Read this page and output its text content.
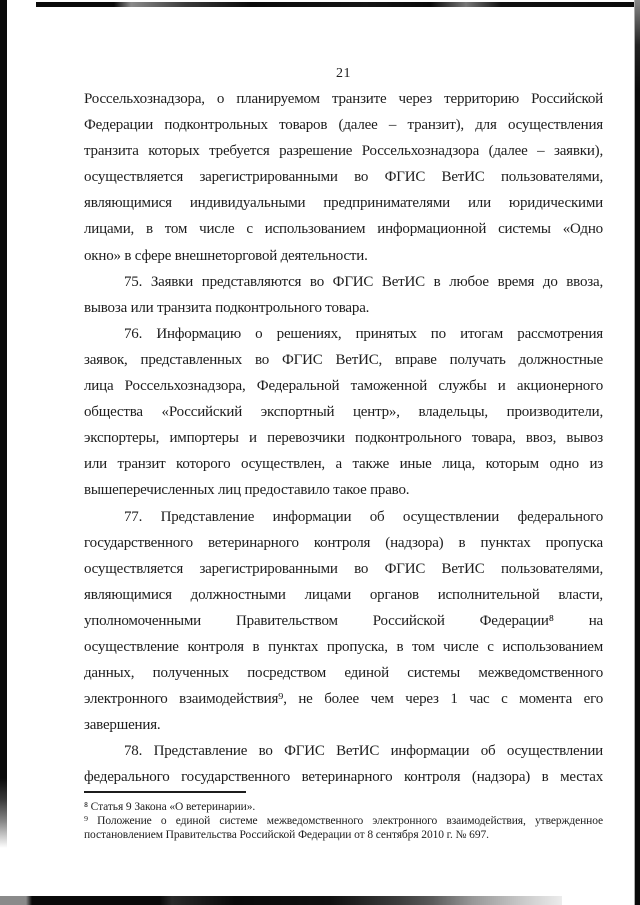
21
Россельхознадзора, о планируемом транзите через территорию Российской
Федерации подконтрольных товаров (далее – транзит), для осуществления
транзита которых требуется разрешение Россельхознадзора (далее – заявки),
осуществляется зарегистрированными во ФГИС ВетИС пользователями,
являющимися индивидуальными предпринимателями или юридическими
лицами, в том числе с использованием информационной системы «Одно
окно» в сфере внешнеторговой деятельности.
75. Заявки представляются во ФГИС ВетИС в любое время до ввоза,
вывоза или транзита подконтрольного товара.
76. Информацию о решениях, принятых по итогам рассмотрения
заявок, представленных во ФГИС ВетИС, вправе получать должностные
лица Россельхознадзора, Федеральной таможенной службы и акционерного
общества «Российский экспортный центр», владельцы, производители,
экспортеры, импортеры и перевозчики подконтрольного товара, ввоз, вывоз
или транзит которого осуществлен, а также иные лица, которым одно из
вышеперечисленных лиц предоставило такое право.
77. Представление информации об осуществлении федерального
государственного ветеринарного контроля (надзора) в пунктах пропуска
осуществляется зарегистрированными во ФГИС ВетИС пользователями,
являющимися должностными лицами органов исполнительной власти,
уполномоченными Правительством Российской Федерации⁸ на
осуществление контроля в пунктах пропуска, в том числе с использованием
данных, полученных посредством единой системы межведомственного
электронного взаимодействия⁹, не более чем через 1 час с момента его
завершения.
78. Представление во ФГИС ВетИС информации об осуществлении
федерального государственного ветеринарного контроля (надзора) в местах
⁸ Статья 9 Закона «О ветеринарии».
⁹ Положение о единой системе межведомственного электронного взаимодействия, утвержденное
постановлением Правительства Российской Федерации от 8 сентября 2010 г. № 697.
